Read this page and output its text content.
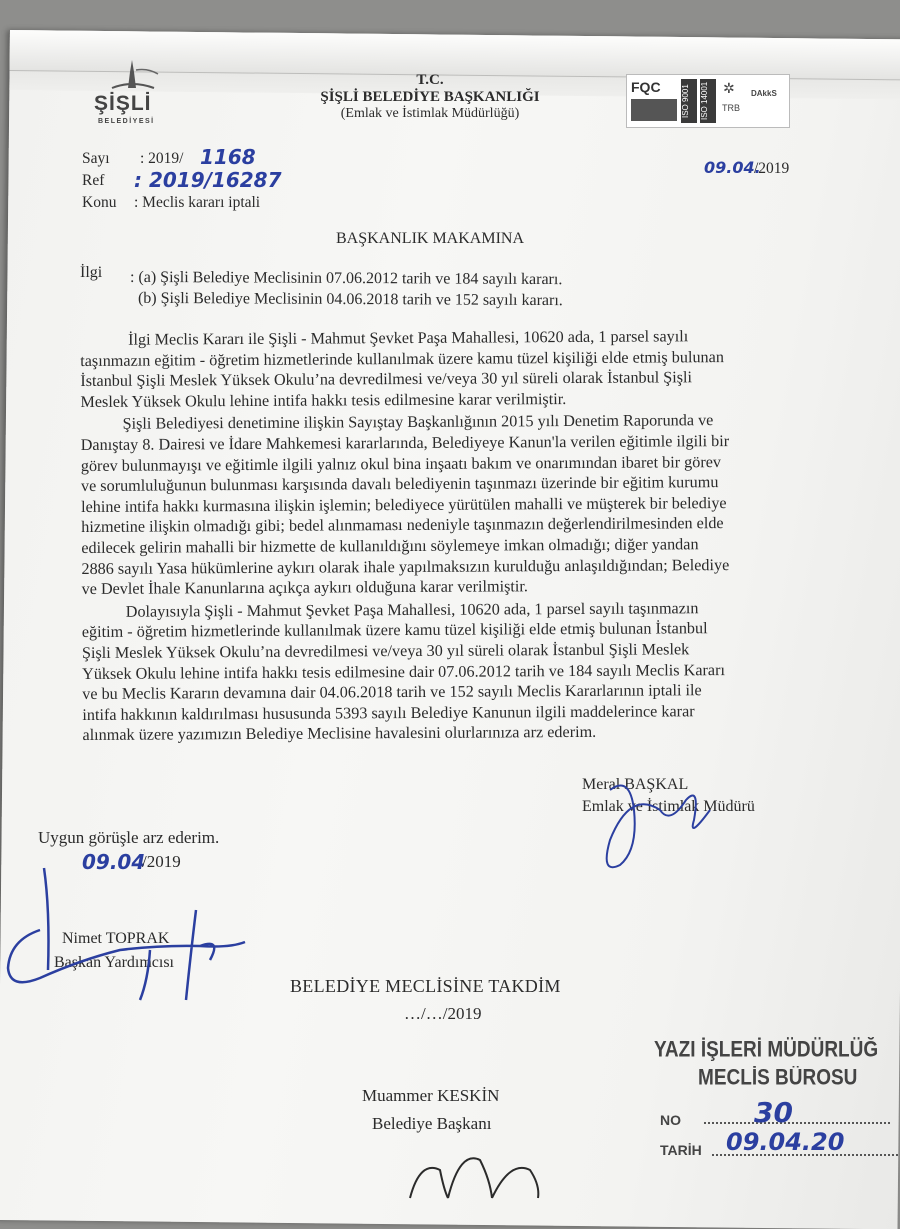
ŞİŞLİ
BELEDİYESİ
T.C.
ŞİŞLİ BELEDİYE BAŞKANLIĞI
(Emlak ve İstimlak Müdürlüğü)
FQC	ISO 9001	ISO 14001	TRB
✲ DAkkS
Sayı : 2019/ 1168
Ref : 2019/16287
Konu : Meclis kararı iptali
09.04.
/2019
BAŞKANLIK MAKAMINA
İlgi : (a) Şişli Belediye Meclisinin 07.06.2012 tarih ve 184 sayılı kararı.
(b) Şişli Belediye Meclisinin 04.06.2018 tarih ve 152 sayılı kararı.
İlgi Meclis Kararı ile Şişli - Mahmut Şevket Paşa Mahallesi, 10620 ada, 1 parsel sayılı
taşınmazın eğitim - öğretim hizmetlerinde kullanılmak üzere kamu tüzel kişiliği elde etmiş bulunan
İstanbul Şişli Meslek Yüksek Okulu’na devredilmesi ve/veya 30 yıl süreli olarak İstanbul Şişli
Meslek Yüksek Okulu lehine intifa hakkı tesis edilmesine karar verilmiştir.
Şişli Belediyesi denetimine ilişkin Sayıştay Başkanlığının 2015 yılı Denetim Raporunda ve
Danıştay 8. Dairesi ve İdare Mahkemesi kararlarında, Belediyeye Kanun'la verilen eğitimle ilgili bir
görev bulunmayışı ve eğitimle ilgili yalnız okul bina inşaatı bakım ve onarımından ibaret bir görev
ve sorumluluğunun bulunması karşısında davalı belediyenin taşınmazı üzerinde bir eğitim kurumu
lehine intifa hakkı kurmasına ilişkin işlemin; belediyece yürütülen mahalli ve müşterek bir belediye
hizmetine ilişkin olmadığı gibi; bedel alınmaması nedeniyle taşınmazın değerlendirilmesinden elde
edilecek gelirin mahalli bir hizmette de kullanıldığını söylemeye imkan olmadığı; diğer yandan
2886 sayılı Yasa hükümlerine aykırı olarak ihale yapılmaksızın kurulduğu anlaşıldığından; Belediye
ve Devlet İhale Kanunlarına açıkça aykırı olduğuna karar verilmiştir.
Dolayısıyla Şişli - Mahmut Şevket Paşa Mahallesi, 10620 ada, 1 parsel sayılı taşınmazın
eğitim - öğretim hizmetlerinde kullanılmak üzere kamu tüzel kişiliği elde etmiş bulunan İstanbul
Şişli Meslek Yüksek Okulu’na devredilmesi ve/veya 30 yıl süreli olarak İstanbul Şişli Meslek
Yüksek Okulu lehine intifa hakkı tesis edilmesine dair 07.06.2012 tarih ve 184 sayılı Meclis Kararı
ve bu Meclis Kararın devamına dair 04.06.2018 tarih ve 152 sayılı Meclis Kararlarının iptali ile
intifa hakkının kaldırılması hususunda 5393 sayılı Belediye Kanunun ilgili maddelerince karar
alınmak üzere yazımızın Belediye Meclisine havalesini olurlarınıza arz ederim.
Meral BAŞKAL
Emlak ve İstimlak Müdürü
Uygun görüşle arz ederim.
09.04
/2019
Nimet TOPRAK
Başkan Yardımcısı
BELEDİYE MECLİSİNE TAKDİM
…/…/2019
Muammer KESKİN
Belediye Başkanı
YAZI İŞLERİ MÜDÜRLÜĞ
MECLİS BÜROSU
NO	30
TARİH 09.04.20
